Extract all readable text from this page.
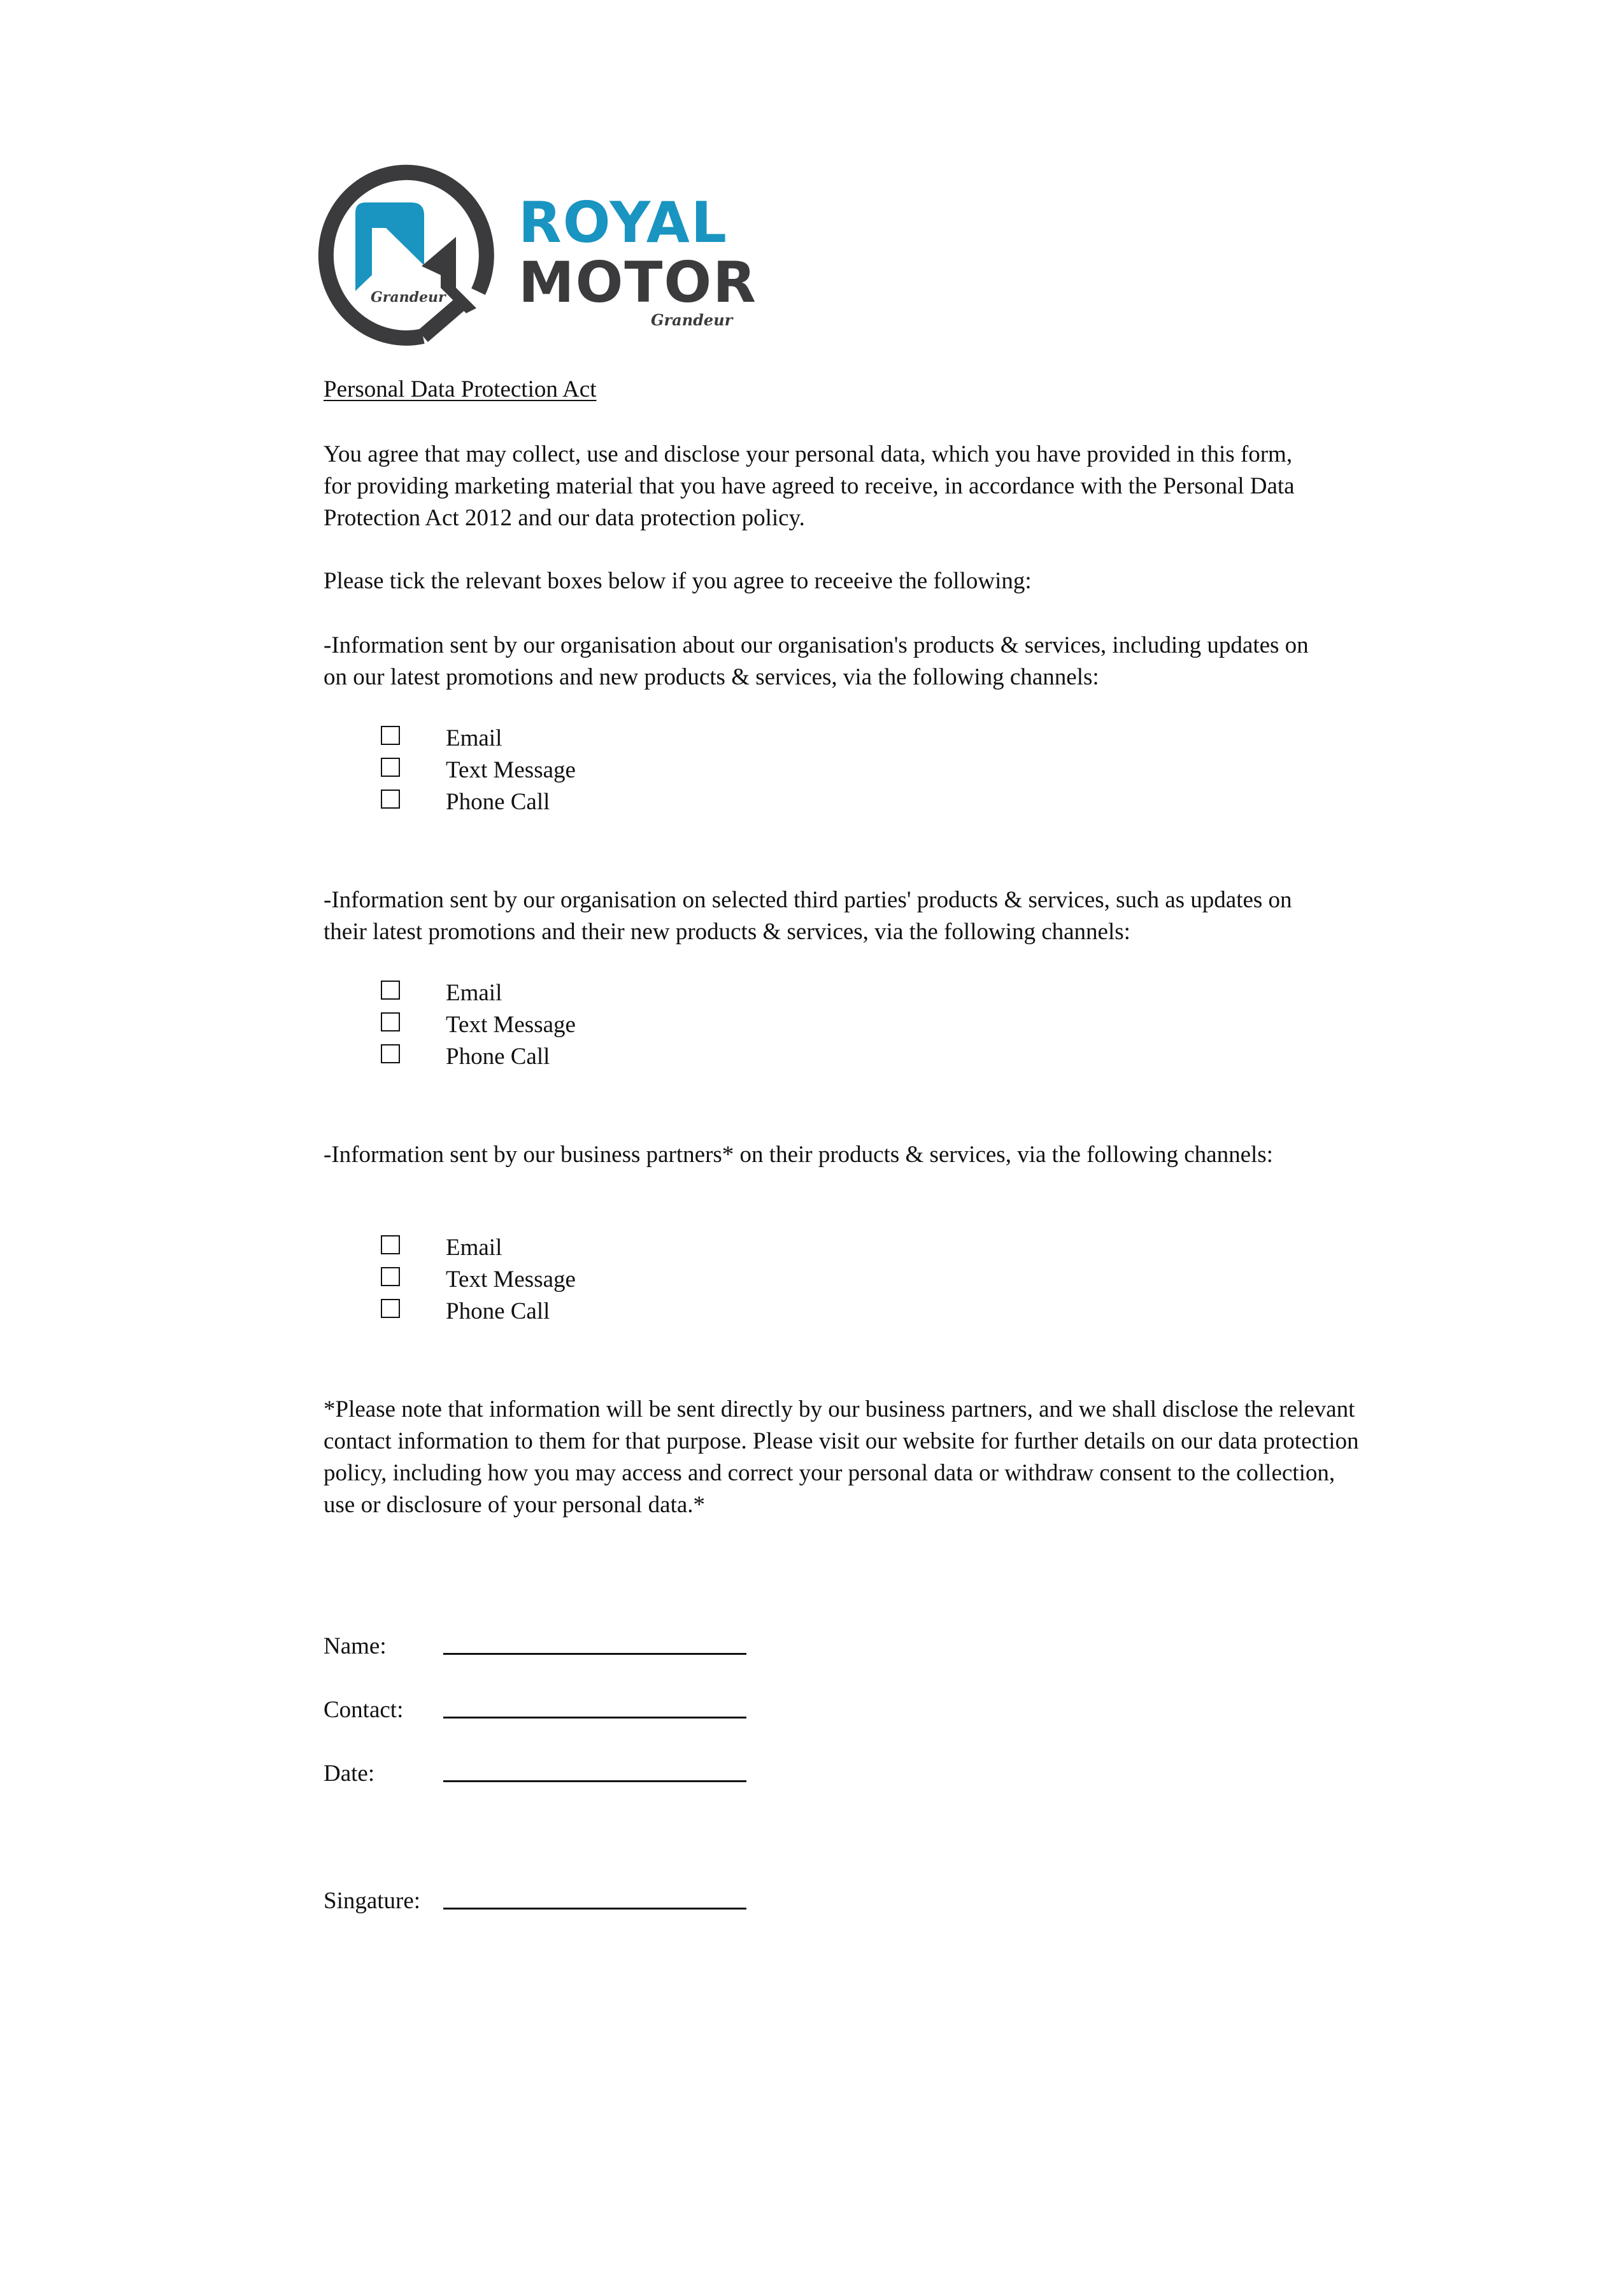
Grandeur
ROYAL
MOTOR
Grandeur
Personal Data Protection Act
You agree that may collect, use and disclose your personal data, which you have provided in this form,
for providing marketing material that you have agreed to receive, in accordance with the Personal Data
Protection Act 2012 and our data protection policy.
Please tick the relevant boxes below if you agree to receeive the following:
-Information sent by our organisation about our organisation's products & services, including updates on
on our latest promotions and new products & services, via the following channels:
Email
Text Message
Phone Call
-Information sent by our organisation on selected third parties' products & services, such as updates on
their latest promotions and their new products & services, via the following channels:
Email
Text Message
Phone Call
-Information sent by our business partners* on their products & services, via the following channels:
Email
Text Message
Phone Call
*Please note that information will be sent directly by our business partners, and we shall disclose the relevant
contact information to them for that purpose. Please visit our website for further details on our data protection
policy, including how you may access and correct your personal data or withdraw consent to the collection,
use or disclosure of your personal data.*
Name:
Contact:
Date:
Singature:
